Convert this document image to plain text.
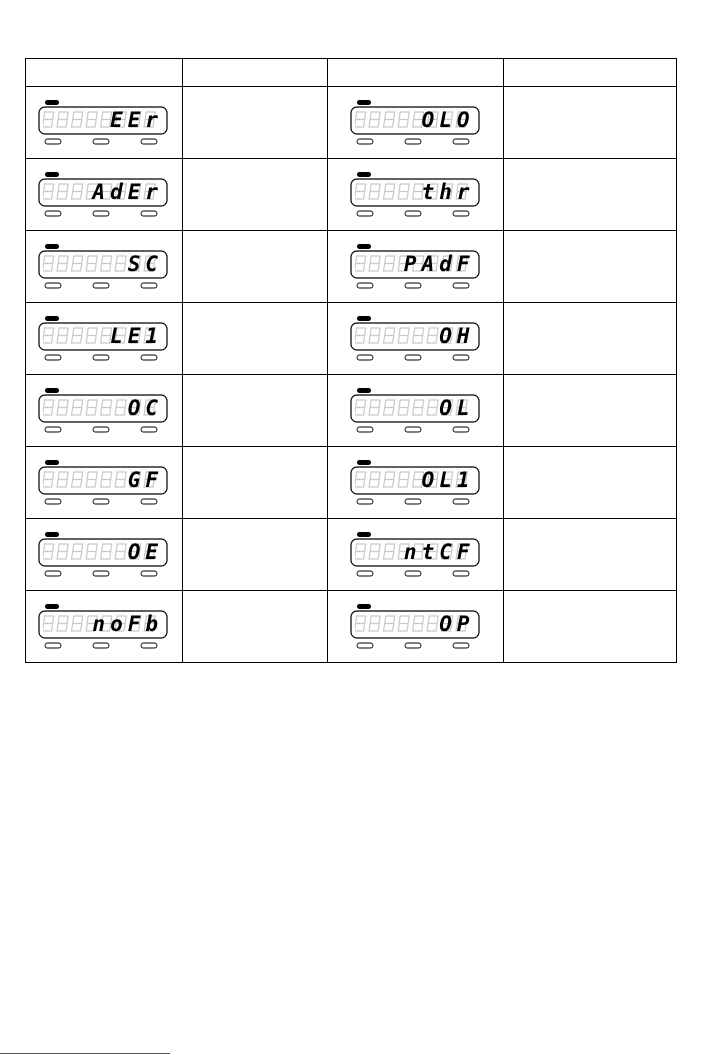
EEr		OLO	

AdEr		thr	

SC		PAdF	

LE1		OH	

OC		OL	

GF		OL1	

OE		ntCF	

noFb		OP	
